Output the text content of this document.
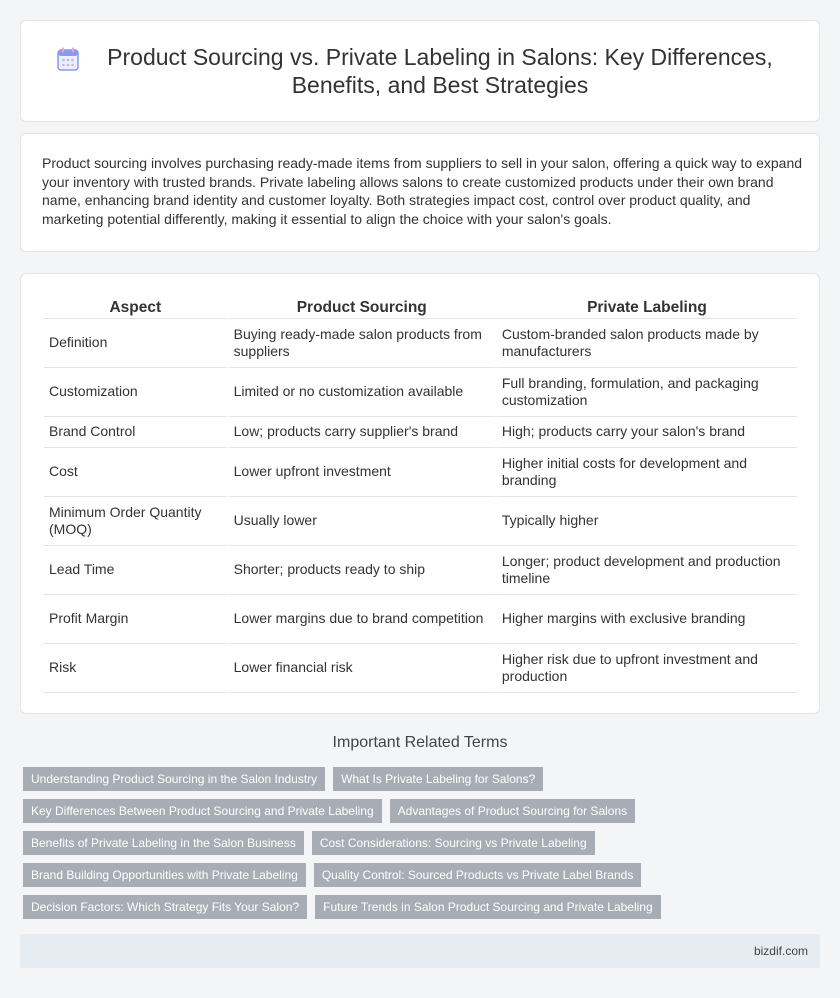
Product Sourcing vs. Private Labeling in Salons: Key Differences, Benefits, and Best Strategies

Product sourcing involves purchasing ready-made items from suppliers to sell in your salon, offering a quick way to expand your inventory with trusted brands. Private labeling allows salons to create customized products under their own brand name, enhancing brand identity and customer loyalty. Both strategies impact cost, control over product quality, and marketing potential differently, making it essential to align the choice with your salon's goals.

Aspect	Product Sourcing	Private Labeling
Definition	Buying ready-made salon products from suppliers	Custom-branded salon products made by manufacturers
Customization	Limited or no customization available	Full branding, formulation, and packaging customization
Brand Control	Low; products carry supplier's brand	High; products carry your salon's brand
Cost	Lower upfront investment	Higher initial costs for development and branding
Minimum Order Quantity (MOQ)	Usually lower	Typically higher
Lead Time	Shorter; products ready to ship	Longer; product development and production timeline
Profit Margin	Lower margins due to brand competition	Higher margins with exclusive branding
Risk	Lower financial risk	Higher risk due to upfront investment and production
Important Related Terms
Understanding Product Sourcing in the Salon Industry	What Is Private Labeling for Salons?
Key Differences Between Product Sourcing and Private Labeling	Advantages of Product Sourcing for Salons
Benefits of Private Labeling in the Salon Business	Cost Considerations: Sourcing vs Private Labeling
Brand Building Opportunities with Private Labeling	Quality Control: Sourced Products vs Private Label Brands
Decision Factors: Which Strategy Fits Your Salon?	Future Trends in Salon Product Sourcing and Private Labeling
bizdif.com
